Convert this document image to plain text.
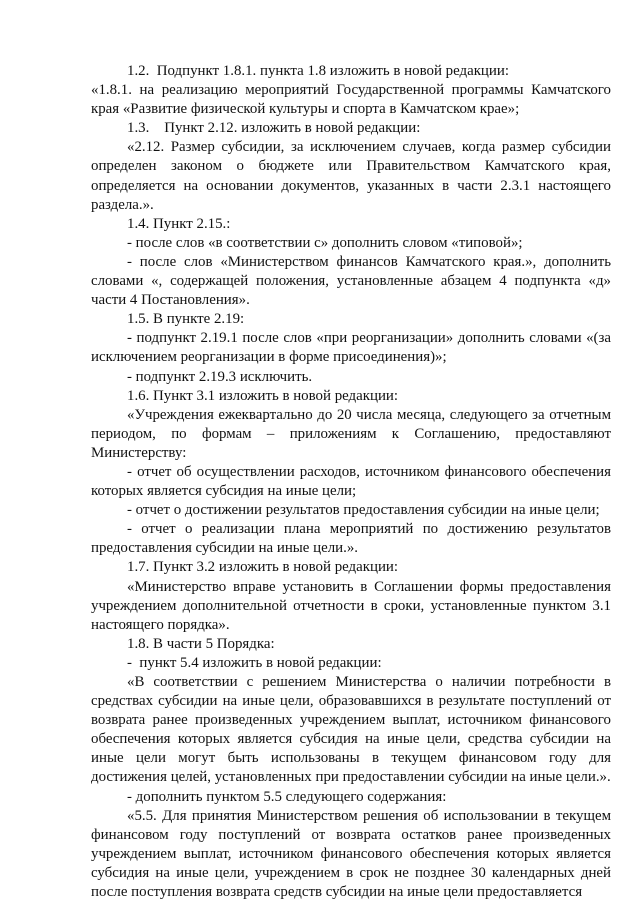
1.2.  Подпункт 1.8.1. пункта 1.8 изложить в новой редакции:

«1.8.1. на реализацию мероприятий Государственной программы Камчатского края «Развитие физической культуры и спорта в Камчатском крае»;

1.3.    Пункт 2.12. изложить в новой редакции:

«2.12. Размер субсидии, за исключением случаев, когда размер субсидии определен законом о бюджете или Правительством Камчатского края, определяется на основании документов, указанных в части 2.3.1 настоящего раздела.».

1.4. Пункт 2.15.:

- после слов «в соответствии с» дополнить словом «типовой»;

- после слов «Министерством финансов Камчатского края.», дополнить словами «, содержащей положения, установленные абзацем 4 подпункта «д» части 4 Постановления».

1.5. В пункте 2.19:

- подпункт 2.19.1 после слов «при реорганизации» дополнить словами «(за исключением реорганизации в форме присоединения)»;

- подпункт 2.19.3 исключить.

1.6. Пункт 3.1 изложить в новой редакции:

«Учреждения ежеквартально до 20 числа месяца, следующего за отчетным периодом, по формам – приложениям к Соглашению, предоставляют Министерству:

- отчет об осуществлении расходов, источником финансового обеспечения которых является субсидия на иные цели;

- отчет о достижении результатов предоставления субсидии на иные цели;

- отчет о реализации плана мероприятий по достижению результатов предоставления субсидии на иные цели.».

1.7. Пункт 3.2 изложить в новой редакции:

«Министерство вправе установить в Соглашении формы предоставления учреждением дополнительной отчетности в сроки, установленные пунктом 3.1 настоящего порядка».

1.8. В части 5 Порядка:

-  пункт 5.4 изложить в новой редакции:

«В соответствии с решением Министерства о наличии потребности в средствах субсидии на иные цели, образовавшихся в результате поступлений от возврата ранее произведенных учреждением выплат, источником финансового обеспечения которых является субсидия на иные цели, средства субсидии на иные цели могут быть использованы в текущем финансовом году для достижения целей, установленных при предоставлении субсидии на иные цели.».

- дополнить пунктом 5.5 следующего содержания:

«5.5. Для принятия Министерством решения об использовании в текущем финансовом году поступлений от возврата остатков ранее произведенных учреждением выплат, источником финансового обеспечения которых является субсидия на иные цели, учреждением в срок не позднее 30 календарных дней после поступления возврата средств субсидии на иные цели предоставляется
